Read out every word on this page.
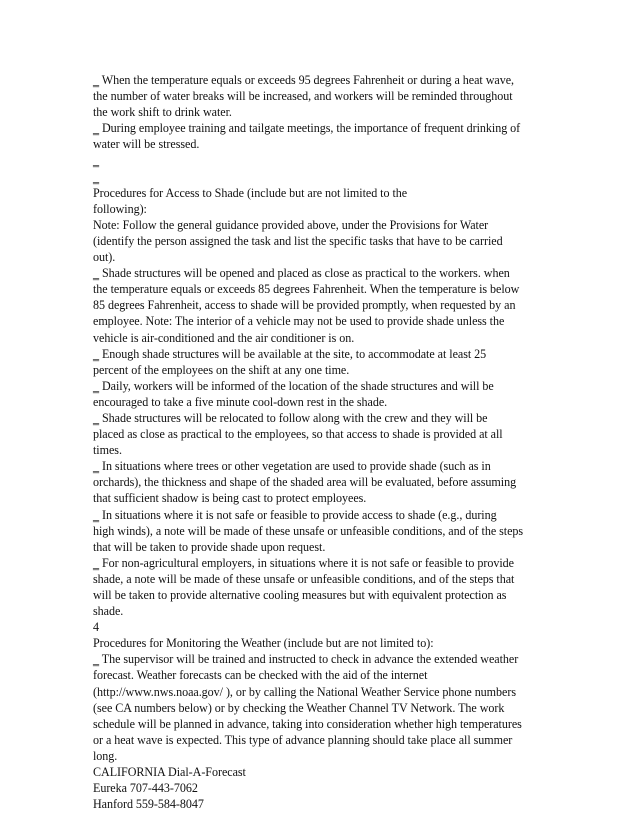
‗ When the temperature equals or exceeds 95 degrees Fahrenheit or during a heat wave,
the number of water breaks will be increased, and workers will be reminded throughout
the work shift to drink water.
‗ During employee training and tailgate meetings, the importance of frequent drinking of
water will be stressed.
‗
‗
Procedures for Access to Shade (include but are not limited to the
following):
Note: Follow the general guidance provided above, under the Provisions for Water
(identify the person assigned the task and list the specific tasks that have to be carried
out).
‗ Shade structures will be opened and placed as close as practical to the workers. when
the temperature equals or exceeds 85 degrees Fahrenheit. When the temperature is below
85 degrees Fahrenheit, access to shade will be provided promptly, when requested by an
employee. Note: The interior of a vehicle may not be used to provide shade unless the
vehicle is air-conditioned and the air conditioner is on.
‗ Enough shade structures will be available at the site, to accommodate at least 25
percent of the employees on the shift at any one time.
‗ Daily, workers will be informed of the location of the shade structures and will be
encouraged to take a five minute cool-down rest in the shade.
‗ Shade structures will be relocated to follow along with the crew and they will be
placed as close as practical to the employees, so that access to shade is provided at all
times.
‗ In situations where trees or other vegetation are used to provide shade (such as in
orchards), the thickness and shape of the shaded area will be evaluated, before assuming
that sufficient shadow is being cast to protect employees.
‗ In situations where it is not safe or feasible to provide access to shade (e.g., during
high winds), a note will be made of these unsafe or unfeasible conditions, and of the steps
that will be taken to provide shade upon request.
‗ For non-agricultural employers, in situations where it is not safe or feasible to provide
shade, a note will be made of these unsafe or unfeasible conditions, and of the steps that
will be taken to provide alternative cooling measures but with equivalent protection as
shade.
4
Procedures for Monitoring the Weather (include but are not limited to):
‗ The supervisor will be trained and instructed to check in advance the extended weather
forecast. Weather forecasts can be checked with the aid of the internet
(http://www.nws.noaa.gov/ ), or by calling the National Weather Service phone numbers
(see CA numbers below) or by checking the Weather Channel TV Network. The work
schedule will be planned in advance, taking into consideration whether high temperatures
or a heat wave is expected. This type of advance planning should take place all summer
long.
CALIFORNIA Dial-A-Forecast
Eureka 707-443-7062
Hanford 559-584-8047
